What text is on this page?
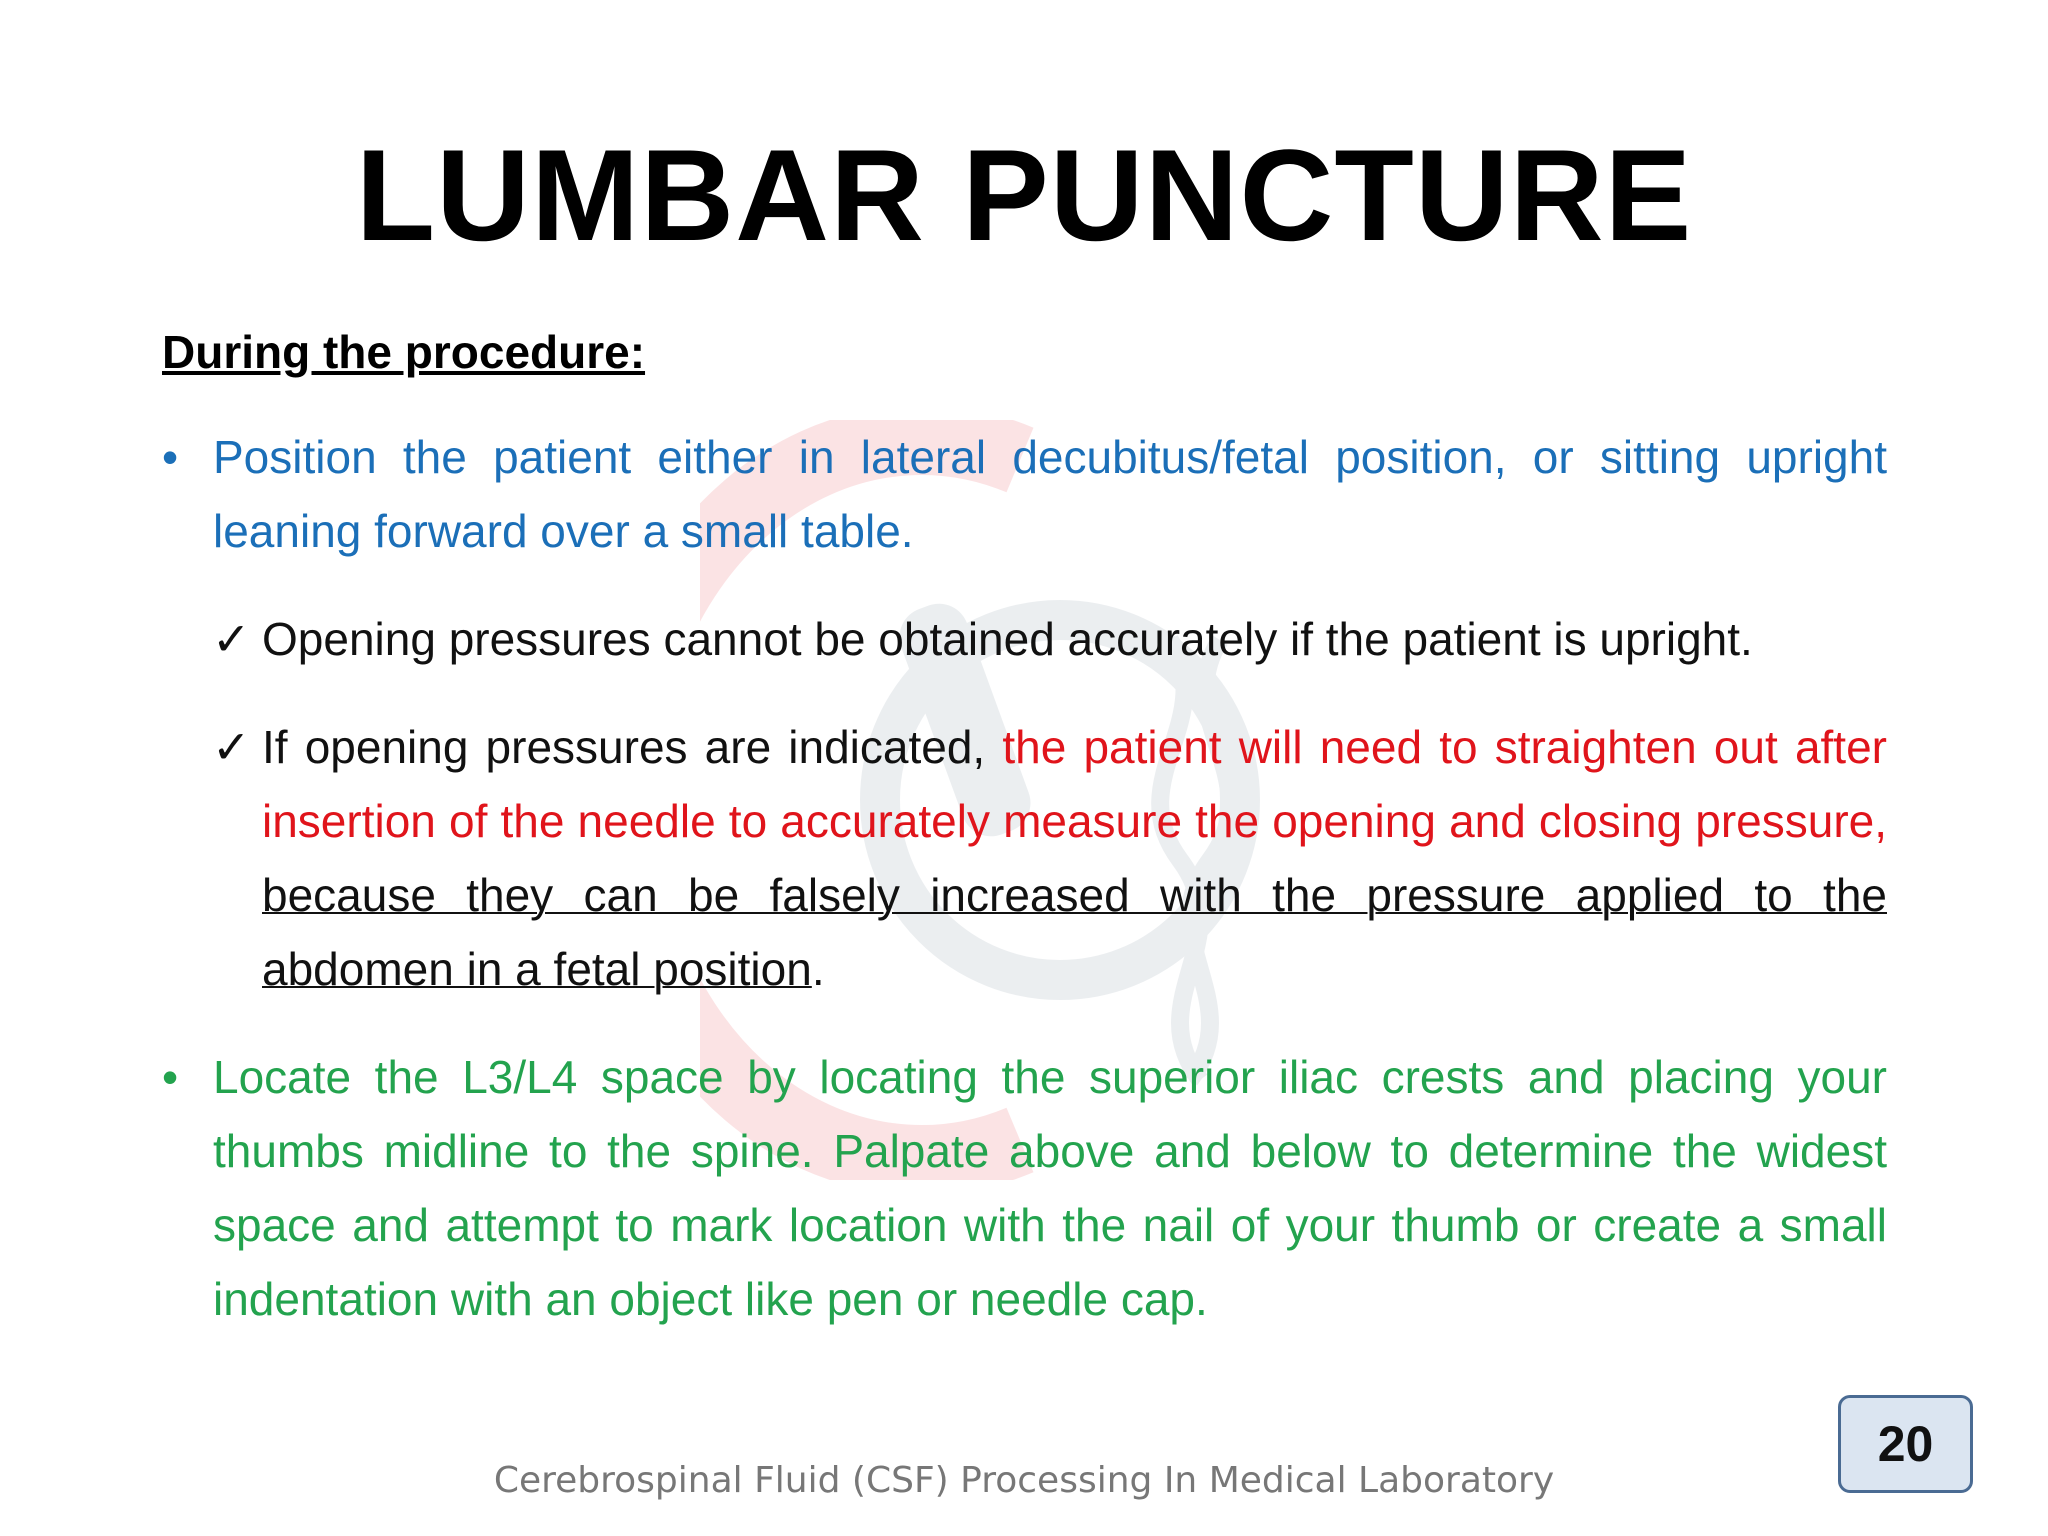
LUMBAR PUNCTURE
During the procedure:
• Position the patient either in lateral decubitus/fetal position, or sitting upright leaning forward over a small table.
✓ Opening pressures cannot be obtained accurately if the patient is upright.
✓ If opening pressures are indicated, the patient will need to straighten out after insertion of the needle to accurately measure the opening and closing pressure, because they can be falsely increased with the pressure applied to the abdomen in a fetal position.
• Locate the L3/L4 space by locating the superior iliac crests and placing your thumbs midline to the spine. Palpate above and below to determine the widest space and attempt to mark location with the nail of your thumb or create a small indentation with an object like pen or needle cap.
Cerebrospinal Fluid (CSF) Processing In Medical Laboratory
20
